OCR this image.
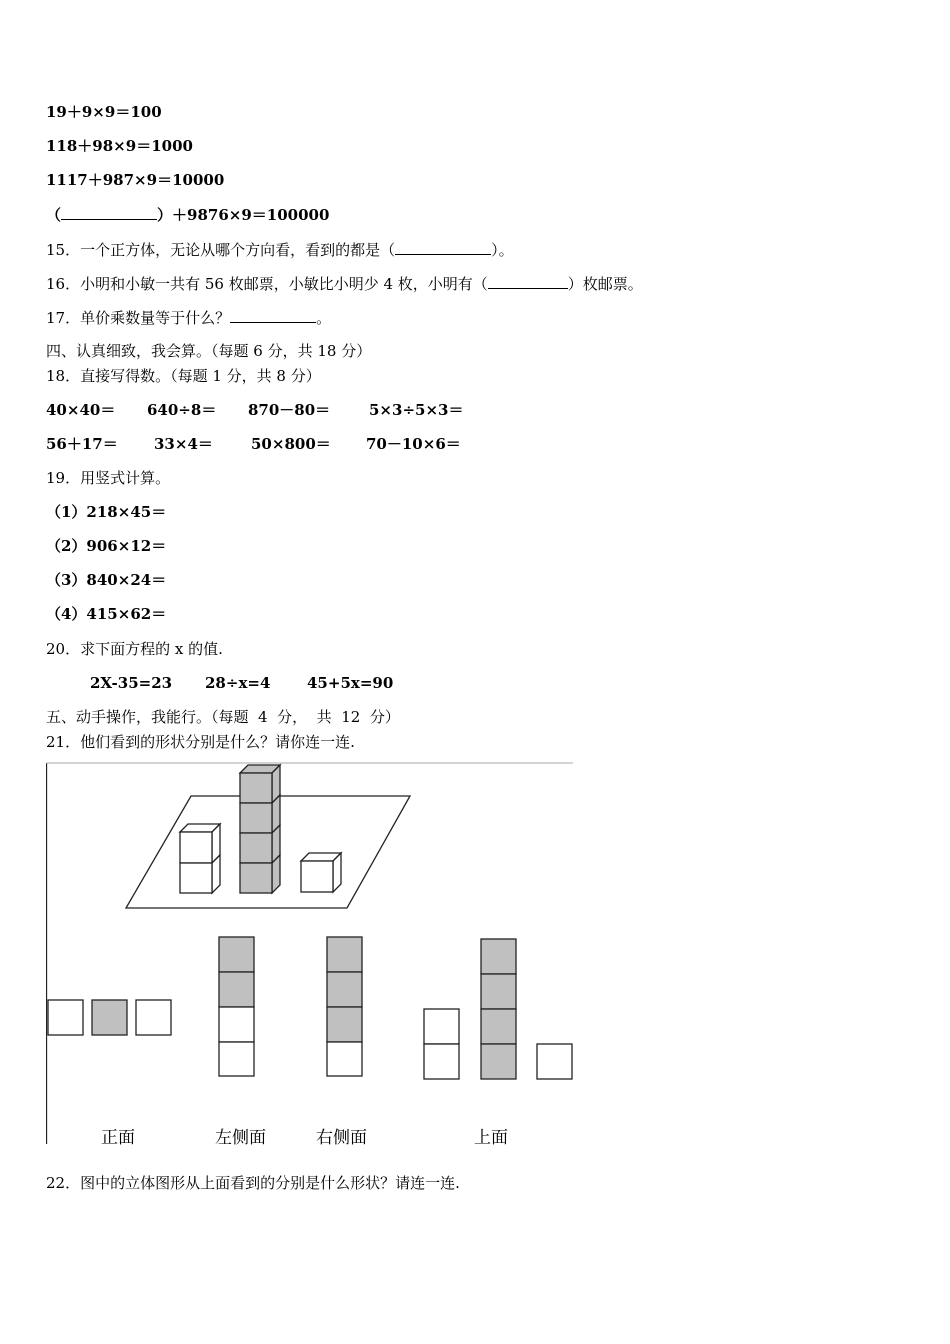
19＋9×9＝100
118＋98×9＝1000
1117＋987×9＝10000
（	）＋9876×9＝100000
15．一个正方体，无论从哪个方向看，看到的都是（	）。
16．小明和小敏一共有 56 枚邮票，小敏比小明少 4 枚，小明有（	）枚邮票。
17．单价乘数量等于什么？	。
四、认真细致，我会算。（每题 6 分，共 18 分）
18．直接写得数。（每题 1 分，共 8 分）
40×40＝ 640÷8＝ 870－80＝	5×3÷5×3＝
56＋17＝ 33×4＝	50×800＝ 70－10×6＝
19．用竖式计算。
（1）218×45＝
（2）906×12＝
（3）840×24＝
（4）415×62＝
20．求下面方程的 x 的值.
2X-35=23 28÷x=4 45+5x=90
五、动手操作，我能行。（每题  4  分，  共  12  分）
21．他们看到的形状分别是什么？请你连一连.
正面	左侧面	右侧面	上面
22．图中的立体图形从上面看到的分别是什么形状？请连一连.
